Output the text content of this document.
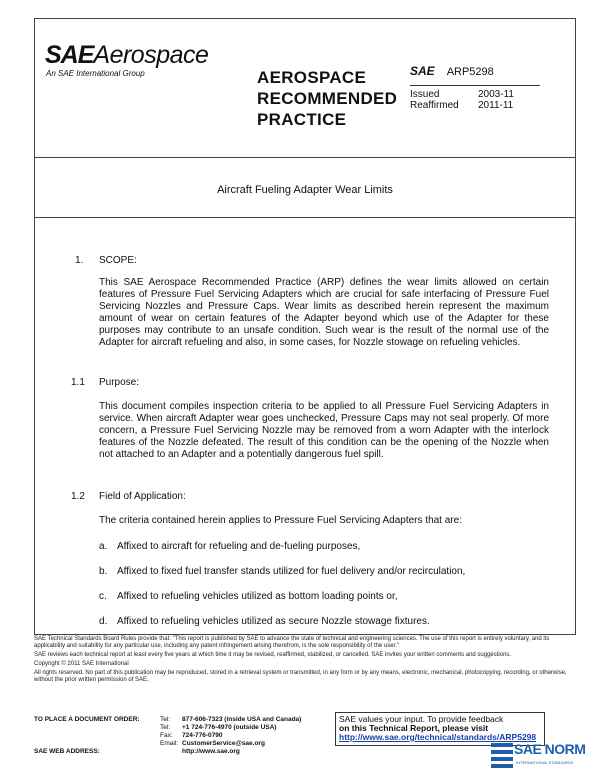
SAEAerospace
An SAE International Group	AEROSPACE
RECOMMENDED
PRACTICE
SAE ARP5298
Issued	2003-11
Reaffirmed	2011-11
Aircraft Fueling Adapter Wear Limits
1. SCOPE:
This SAE Aerospace Recommended Practice (ARP) defines the wear limits allowed on certain features of Pressure Fuel Servicing Adapters which are crucial for safe interfacing of Pressure Fuel Servicing Nozzles and Pressure Caps. Wear limits as described herein represent the maximum amount of wear on certain features of the Adapter beyond which use of the Adapter for these purposes may contribute to an unsafe condition. Such wear is the result of the normal use of the Adapter for aircraft refueling and also, in some cases, for Nozzle stowage on refueling vehicles.
1.1 Purpose:
This document compiles inspection criteria to be applied to all Pressure Fuel Servicing Adapters in service. When aircraft Adapter wear goes unchecked, Pressure Caps may not seal properly. Of more concern, a Pressure Fuel Servicing Nozzle may be removed from a worn Adapter with the interlock features of the Nozzle defeated. The result of this condition can be the opening of the Nozzle when not attached to an Adapter and a potentially dangerous fuel spill.
1.2 Field of Application:
The criteria contained herein applies to Pressure Fuel Servicing Adapters that are:
a. Affixed to aircraft for refueling and de-fueling purposes,
b. Affixed to fixed fuel transfer stands utilized for fuel delivery and/or recirculation,
c. Affixed to refueling vehicles utilized as bottom loading points or,
d. Affixed to refueling vehicles utilized as secure Nozzle stowage fixtures.

SAE Technical Standards Board Rules provide that: "This report is published by SAE to advance the state of technical and engineering sciences. The use of this report is entirely voluntary, and its applicability and suitability for any particular use, including any patent infringement arising therefrom, is the sole responsibility of the user."

SAE reviews each technical report at least every five years at which time it may be revised, reaffirmed, stabilized, or cancelled. SAE invites your written comments and suggestions.

Copyright © 2011 SAE International

All rights reserved. No part of this publication may be reproduced, stored in a retrieval system or transmitted, in any form or by any means, electronic, mechanical, photocopying, recording, or otherwise, without the prior written permission of SAE.

TO PLACE A DOCUMENT ORDER:	Tel:	877-606-7323 (inside USA and Canada)
Tel:	+1 724-776-4970 (outside USA)
Fax:	724-776-0790
Email: CustomerService@sae.org
SAE WEB ADDRESS:	http://www.sae.org
SAE values your input. To provide feedback
on this Technical Report, please visit
http://www.sae.org/technical/standards/ARP5298
SAE NORM
INTERNATIONAL STANDARDS
